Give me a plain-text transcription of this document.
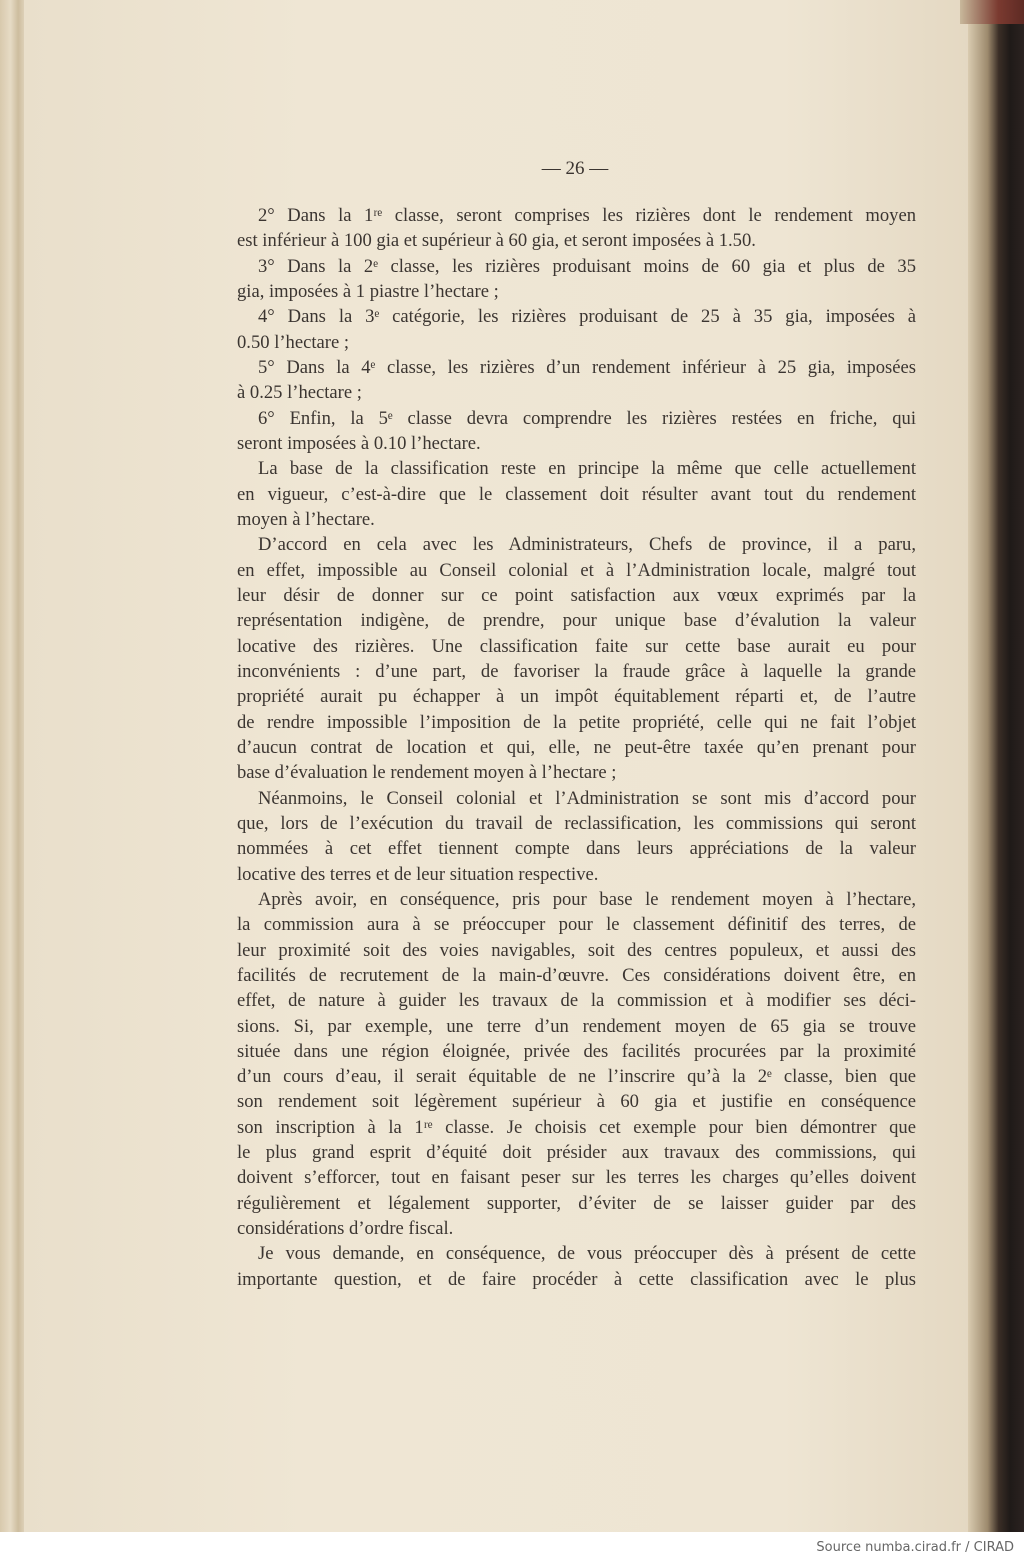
— 26 —
2° Dans la 1ʳᵉ classe, seront comprises les rizières dont le rendement moyen
est inférieur à 100 gia et supérieur à 60 gia, et seront imposées à 1.50.
3° Dans la 2ᵉ classe, les rizières produisant moins de 60 gia et plus de 35
gia, imposées à 1 piastre l’hectare ;
4° Dans la 3ᵉ catégorie, les rizières produisant de 25 à 35 gia, imposées à
0.50 l’hectare ;
5° Dans la 4ᵉ classe, les rizières d’un rendement inférieur à 25 gia, imposées
à 0.25 l’hectare ;
6° Enfin, la 5ᵉ classe devra comprendre les rizières restées en friche, qui
seront imposées à 0.10 l’hectare.
La base de la classification reste en principe la même que celle actuellement
en vigueur, c’est-à-dire que le classement doit résulter avant tout du rendement
moyen à l’hectare.
D’accord en cela avec les Administrateurs, Chefs de province, il a paru,
en effet, impossible au Conseil colonial et à l’Administration locale, malgré tout
leur désir de donner sur ce point satisfaction aux vœux exprimés par la
représentation indigène, de prendre, pour unique base d’évalution la valeur
locative des rizières. Une classification faite sur cette base aurait eu pour
inconvénients : d’une part, de favoriser la fraude grâce à laquelle la grande
propriété aurait pu échapper à un impôt équitablement réparti et, de l’autre
de rendre impossible l’imposition de la petite propriété, celle qui ne fait l’objet
d’aucun contrat de location et qui, elle, ne peut-être taxée qu’en prenant pour
base d’évaluation le rendement moyen à l’hectare ;
Néanmoins, le Conseil colonial et l’Administration se sont mis d’accord pour
que, lors de l’exécution du travail de reclassification, les commissions qui seront
nommées à cet effet tiennent compte dans leurs appréciations de la valeur
locative des terres et de leur situation respective.
Après avoir, en conséquence, pris pour base le rendement moyen à l’hectare,
la commission aura à se préoccuper pour le classement définitif des terres, de
leur proximité soit des voies navigables, soit des centres populeux, et aussi des
facilités de recrutement de la main-d’œuvre. Ces considérations doivent être, en
effet, de nature à guider les travaux de la commission et à modifier ses déci-
sions. Si, par exemple, une terre d’un rendement moyen de 65 gia se trouve
située dans une région éloignée, privée des facilités procurées par la proximité
d’un cours d’eau, il serait équitable de ne l’inscrire qu’à la 2ᵉ classe, bien que
son rendement soit légèrement supérieur à 60 gia et justifie en conséquence
son inscription à la 1ʳᵉ classe. Je choisis cet exemple pour bien démontrer que
le plus grand esprit d’équité doit présider aux travaux des commissions, qui
doivent s’efforcer, tout en faisant peser sur les terres les charges qu’elles doivent
régulièrement et légalement supporter, d’éviter de se laisser guider par des
considérations d’ordre fiscal.
Je vous demande, en conséquence, de vous préoccuper dès à présent de cette
importante question, et de faire procéder à cette classification avec le plus
Source numba.cirad.fr / CIRAD
